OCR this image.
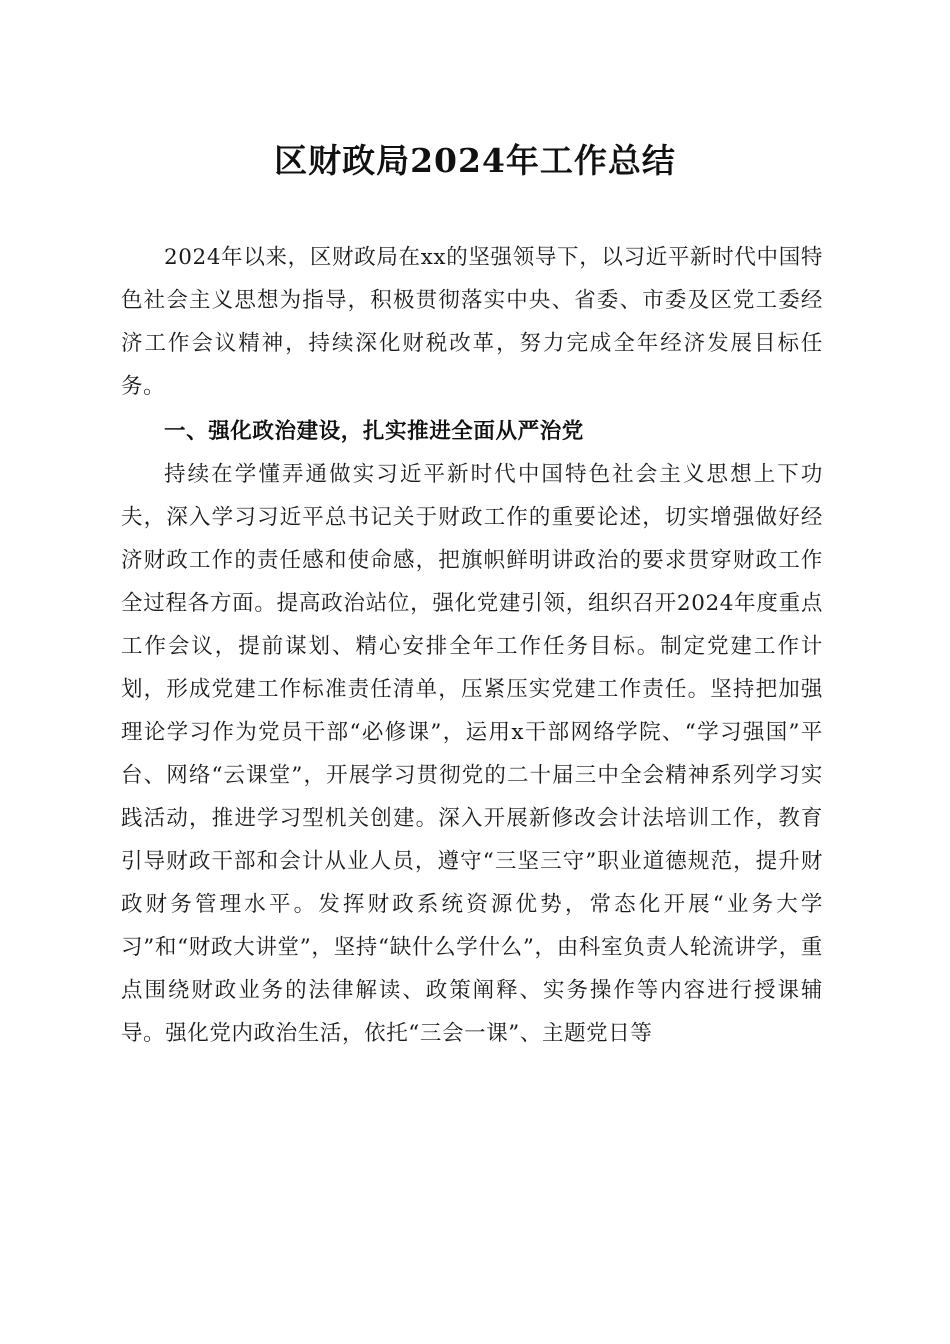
区财政局2024年工作总结

2024年以来，区财政局在xx的坚强领导下，以习近平新时代中国特色社会主义思想为指导，积极贯彻落实中央、省委、市委及区党工委经济工作会议精神，持续深化财税改革，努力完成全年经济发展目标任务。

一、强化政治建设，扎实推进全面从严治党

持续在学懂弄通做实习近平新时代中国特色社会主义思想上下功夫，深入学习习近平总书记关于财政工作的重要论述，切实增强做好经济财政工作的责任感和使命感，把旗帜鲜明讲政治的要求贯穿财政工作全过程各方面。提高政治站位，强化党建引领，组织召开2024年度重点工作会议，提前谋划、精心安排全年工作任务目标。制定党建工作计划，形成党建工作标准责任清单，压紧压实党建工作责任。坚持把加强理论学习作为党员干部“必修课”，运用x干部网络学院、“学习强国”平台、网络“云课堂”，开展学习贯彻党的二十届三中全会精神系列学习实践活动，推进学习型机关创建。深入开展新修改会计法培训工作，教育引导财政干部和会计从业人员，遵守“三坚三守”职业道德规范，提升财政财务管理水平。发挥财政系统资源优势，常态化开展“业务大学习”和“财政大讲堂”，坚持“缺什么学什么”，由科室负责人轮流讲学，重点围绕财政业务的法律解读、政策阐释、实务操作等内容进行授课辅导。强化党内政治生活，依托“三会一课”、主题党日等
